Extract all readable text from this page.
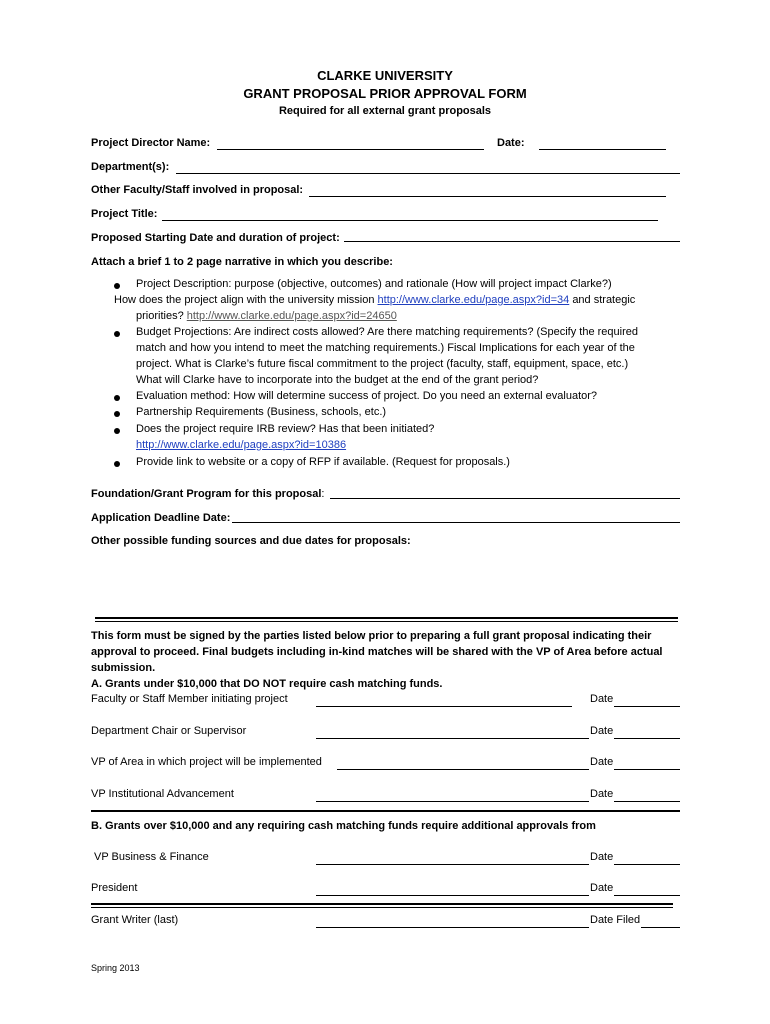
CLARKE UNIVERSITY
GRANT PROPOSAL PRIOR APPROVAL FORM
Required for all external grant proposals
Project Director Name:	Date:
Department(s):
Other Faculty/Staff involved in proposal:
Project Title:
Proposed Starting Date and duration of project:
Attach a brief 1 to 2 page narrative in which you describe:
Project Description: purpose (objective, outcomes) and rationale (How will project impact Clarke?)
How does the project align with the university mission http://www.clarke.edu/page.aspx?id=34 and strategic
priorities? http://www.clarke.edu/page.aspx?id=24650
Budget Projections: Are indirect costs allowed? Are there matching requirements? (Specify the required
match and how you intend to meet the matching requirements.) Fiscal Implications for each year of the
project. What is Clarke’s future fiscal commitment to the project (faculty, staff, equipment, space, etc.)
What will Clarke have to incorporate into the budget at the end of the grant period?
Evaluation method: How will determine success of project. Do you need an external evaluator?
Partnership Requirements (Business, schools, etc.)
Does the project require IRB review? Has that been initiated?
http://www.clarke.edu/page.aspx?id=10386
Provide link to website or a copy of RFP if available. (Request for proposals.)
Foundation/Grant Program for this proposal:
Application Deadline Date:
Other possible funding sources and due dates for proposals:
This form must be signed by the parties listed below prior to preparing a full grant proposal indicating their
approval to proceed. Final budgets including in-kind matches will be shared with the VP of Area before actual
submission.
A. Grants under $10,000 that DO NOT require cash matching funds.
Faculty or Staff Member initiating project	Date
Department Chair or Supervisor	Date
VP of Area in which project will be implemented	Date
VP Institutional Advancement	Date
B. Grants over $10,000 and any requiring cash matching funds require additional approvals from
VP Business & Finance	Date
President	Date
Grant Writer (last)	Date Filed
Spring 2013
